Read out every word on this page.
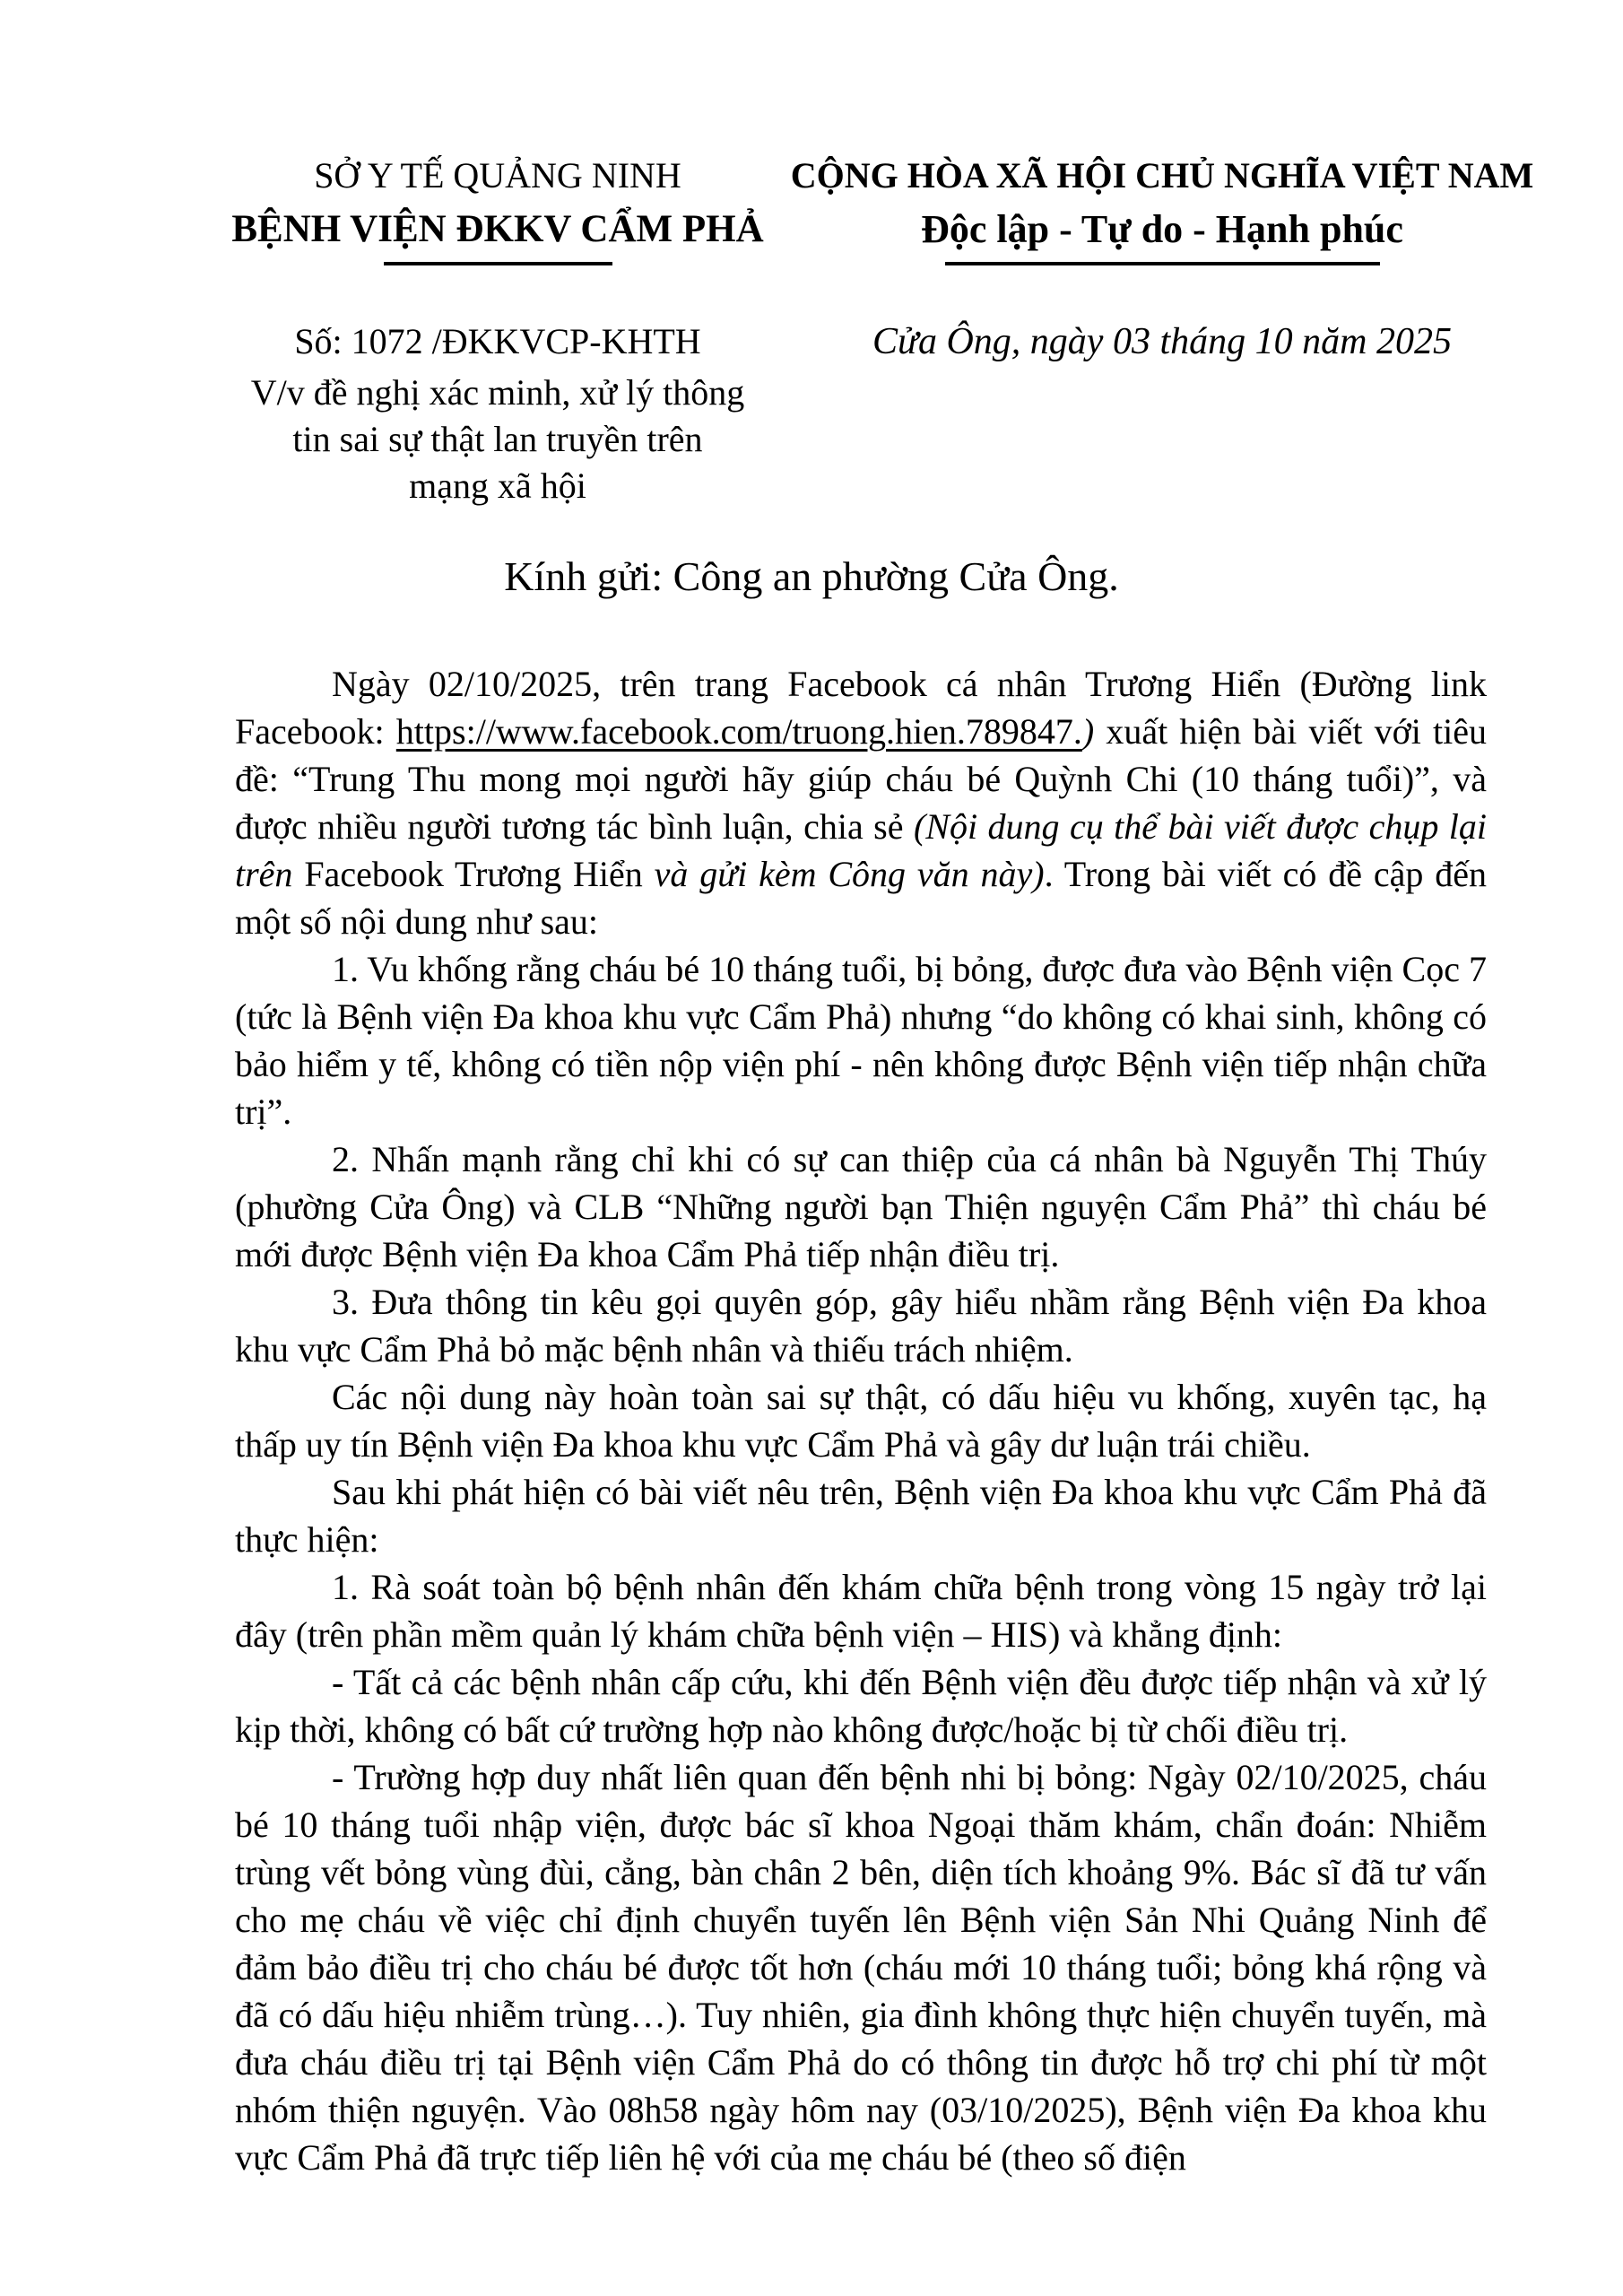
SỞ Y TẾ QUẢNG NINH
BỆNH VIỆN ĐKKV CẨM PHẢ
Số: 1072 /ĐKKVCP-KHTH
V/v đề nghị xác minh, xử lý thông
tin sai sự thật lan truyền trên
mạng xã hội
CỘNG HÒA XÃ HỘI CHỦ NGHĨA VIỆT NAM
Độc lập - Tự do - Hạnh phúc
Cửa Ông, ngày 03 tháng 10 năm 2025
Kính gửi: Công an phường Cửa Ông.

Ngày 02/10/2025, trên trang Facebook cá nhân Trương Hiển (Đường link Facebook: https://www.facebook.com/truong.hien.789847.) xuất hiện bài viết với tiêu đề: “Trung Thu mong mọi người hãy giúp cháu bé Quỳnh Chi (10 tháng tuổi)”, và được nhiều người tương tác bình luận, chia sẻ (Nội dung cụ thể bài viết được chụp lại trên Facebook Trương Hiển và gửi kèm Công văn này). Trong bài viết có đề cập đến một số nội dung như sau:

1. Vu khống rằng cháu bé 10 tháng tuổi, bị bỏng, được đưa vào Bệnh viện Cọc 7 (tức là Bệnh viện Đa khoa khu vực Cẩm Phả) nhưng “do không có khai sinh, không có bảo hiểm y tế, không có tiền nộp viện phí - nên không được Bệnh viện tiếp nhận chữa trị”.

2. Nhấn mạnh rằng chỉ khi có sự can thiệp của cá nhân bà Nguyễn Thị Thúy (phường Cửa Ông) và CLB “Những người bạn Thiện nguyện Cẩm Phả” thì cháu bé mới được Bệnh viện Đa khoa Cẩm Phả tiếp nhận điều trị.

3. Đưa thông tin kêu gọi quyên góp, gây hiểu nhầm rằng Bệnh viện Đa khoa khu vực Cẩm Phả bỏ mặc bệnh nhân và thiếu trách nhiệm.

Các nội dung này hoàn toàn sai sự thật, có dấu hiệu vu khống, xuyên tạc, hạ thấp uy tín Bệnh viện Đa khoa khu vực Cẩm Phả và gây dư luận trái chiều.

Sau khi phát hiện có bài viết nêu trên, Bệnh viện Đa khoa khu vực Cẩm Phả đã thực hiện:

1. Rà soát toàn bộ bệnh nhân đến khám chữa bệnh trong vòng 15 ngày trở lại đây (trên phần mềm quản lý khám chữa bệnh viện – HIS) và khẳng định:

- Tất cả các bệnh nhân cấp cứu, khi đến Bệnh viện đều được tiếp nhận và xử lý kịp thời, không có bất cứ trường hợp nào không được/hoặc bị từ chối điều trị.

- Trường hợp duy nhất liên quan đến bệnh nhi bị bỏng: Ngày 02/10/2025, cháu bé 10 tháng tuổi nhập viện, được bác sĩ khoa Ngoại thăm khám, chẩn đoán: Nhiễm trùng vết bỏng vùng đùi, cẳng, bàn chân 2 bên, diện tích khoảng 9%. Bác sĩ đã tư vấn cho mẹ cháu về việc chỉ định chuyển tuyến lên Bệnh viện Sản Nhi Quảng Ninh để đảm bảo điều trị cho cháu bé được tốt hơn (cháu mới 10 tháng tuổi; bỏng khá rộng và đã có dấu hiệu nhiễm trùng…). Tuy nhiên, gia đình không thực hiện chuyển tuyến, mà đưa cháu điều trị tại Bệnh viện Cẩm Phả do có thông tin được hỗ trợ chi phí từ một nhóm thiện nguyện. Vào 08h58 ngày hôm nay (03/10/2025), Bệnh viện Đa khoa khu vực Cẩm Phả đã trực tiếp liên hệ với của mẹ cháu bé (theo số điện
